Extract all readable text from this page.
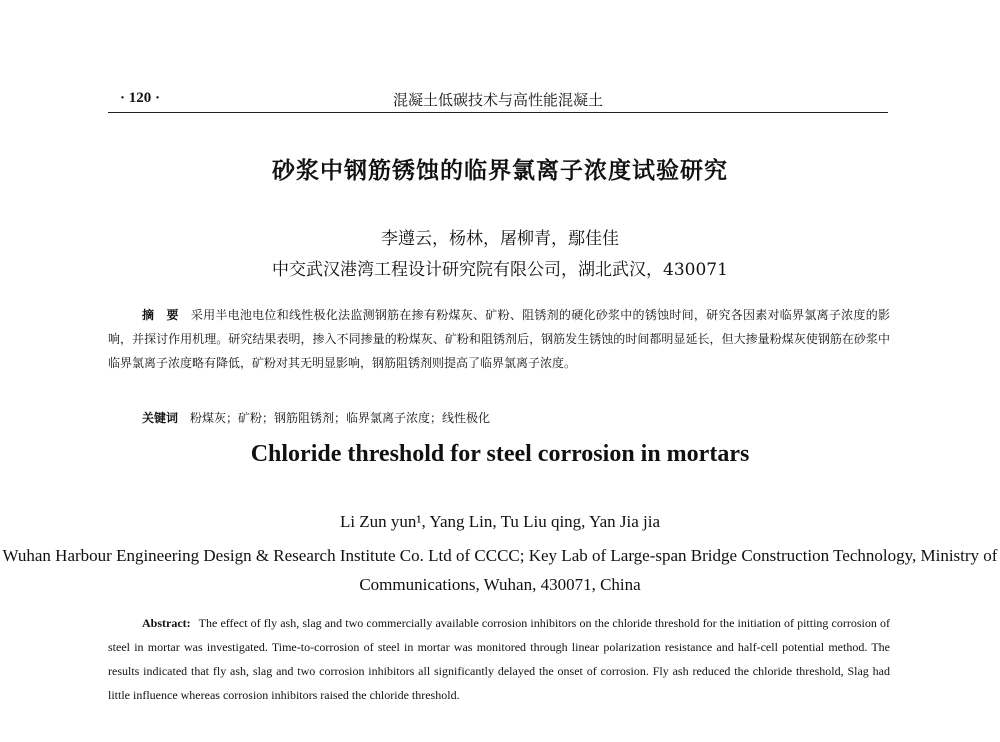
· 120 ·	混凝土低碳技术与高性能混凝土
砂浆中钢筋锈蚀的临界氯离子浓度试验研究
李遵云，杨林，屠柳青，鄢佳佳
中交武汉港湾工程设计研究院有限公司，湖北武汉，430071
摘　要 采用半电池电位和线性极化法监测钢筋在掺有粉煤灰、矿粉、阻锈剂的硬化砂浆中的锈蚀时间，研究各因素对临界氯离子浓度的影响，并探讨作用机理。研究结果表明，掺入不同掺量的粉煤灰、矿粉和阻锈剂后，钢筋发生锈蚀的时间都明显延长，但大掺量粉煤灰使钢筋在砂浆中临界氯离子浓度略有降低，矿粉对其无明显影响，钢筋阻锈剂则提高了临界氯离子浓度。
关键词 粉煤灰；矿粉；钢筋阻锈剂；临界氯离子浓度；线性极化
Chloride threshold for steel corrosion in mortars
Li Zun yun¹, Yang Lin, Tu Liu qing, Yan Jia jia
Wuhan Harbour Engineering Design & Research Institute Co. Ltd of CCCC; Key Lab of Large-span Bridge Construction Technology, Ministry of Communications, Wuhan, 430071, China
Abstract: The effect of fly ash, slag and two commercially available corrosion inhibitors on the chloride threshold for the initiation of pitting corrosion of steel in mortar was investigated. Time-to-corrosion of steel in mortar was monitored through linear polarization resistance and half-cell potential method. The results indicated that fly ash, slag and two corrosion inhibitors all significantly delayed the onset of corrosion. Fly ash reduced the chloride threshold, Slag had little influence whereas corrosion inhibitors raised the chloride threshold.
